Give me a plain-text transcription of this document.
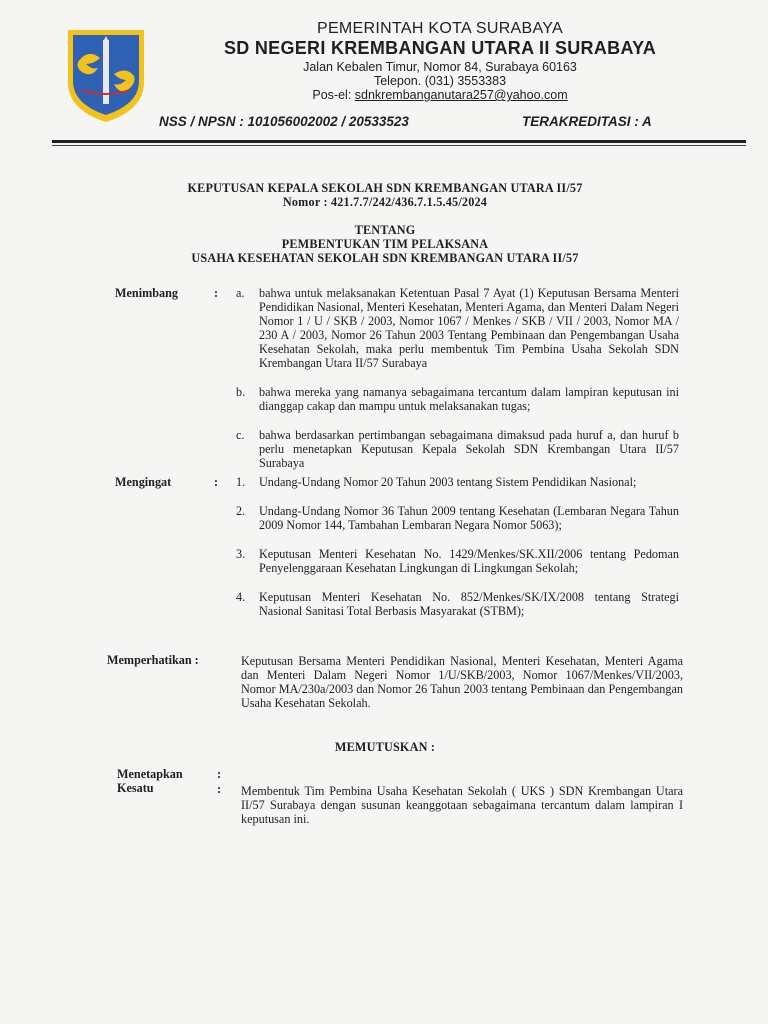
PEMERINTAH KOTA SURABAYA
SD NEGERI KREMBANGAN UTARA II SURABAYA
Jalan Kebalen Timur, Nomor 84, Surabaya 60163
Telepon. (031) 3553383
Pos-el: sdnkrembanganutara257@yahoo.com
NSS / NPSN : 101056002002 / 20533523	TERAKREDITASI : A
KEPUTUSAN KEPALA SEKOLAH SDN KREMBANGAN UTARA II/57
Nomor : 421.7.7/242/436.7.1.5.45/2024
TENTANG
PEMBENTUKAN TIM PELAKSANA
USAHA KESEHATAN SEKOLAH SDN KREMBANGAN UTARA II/57
Menimbang	: a. bahwa untuk melaksanakan Ketentuan Pasal 7 Ayat (1) Keputusan Bersama Menteri Pendidikan Nasional, Menteri Kesehatan, Menteri Agama, dan Menteri Dalam Negeri Nomor 1 / U / SKB / 2003, Nomor 1067 / Menkes / SKB / VII / 2003, Nomor MA / 230 A / 2003, Nomor 26 Tahun 2003 Tentang Pembinaan dan Pengembangan Usaha Kesehatan Sekolah, maka perlu membentuk Tim Pembina Usaha Sekolah SDN Krembangan Utara II/57 Surabaya
b. bahwa mereka yang namanya sebagaimana tercantum dalam lampiran keputusan ini dianggap cakap dan mampu untuk melaksanakan tugas;
c. bahwa berdasarkan pertimbangan sebagaimana dimaksud pada huruf a, dan huruf b perlu menetapkan Keputusan Kepala Sekolah SDN Krembangan Utara II/57 Surabaya
Mengingat	: 1. Undang-Undang Nomor 20 Tahun 2003 tentang Sistem Pendidikan Nasional;
2. Undang-Undang Nomor 36 Tahun 2009 tentang Kesehatan (Lembaran Negara Tahun 2009 Nomor 144, Tambahan Lembaran Negara Nomor 5063);
3. Keputusan Menteri Kesehatan No. 1429/Menkes/SK.XII/2006 tentang Pedoman Penyelenggaraan Kesehatan Lingkungan di Lingkungan Sekolah;
4. Keputusan Menteri Kesehatan No. 852/Menkes/SK/IX/2008 tentang Strategi Nasional Sanitasi Total Berbasis Masyarakat (STBM);
Memperhatikan :	Keputusan Bersama Menteri Pendidikan Nasional, Menteri Kesehatan, Menteri Agama dan Menteri Dalam Negeri Nomor 1/U/SKB/2003, Nomor 1067/Menkes/VII/2003, Nomor MA/230a/2003 dan Nomor 26 Tahun 2003 tentang Pembinaan dan Pengembangan Usaha Kesehatan Sekolah.
MEMUTUSKAN :
Menetapkan	:
Kesatu	: Membentuk Tim Pembina Usaha Kesehatan Sekolah ( UKS ) SDN Krembangan Utara II/57 Surabaya dengan susunan keanggotaan sebagaimana tercantum dalam lampiran I keputusan ini.
